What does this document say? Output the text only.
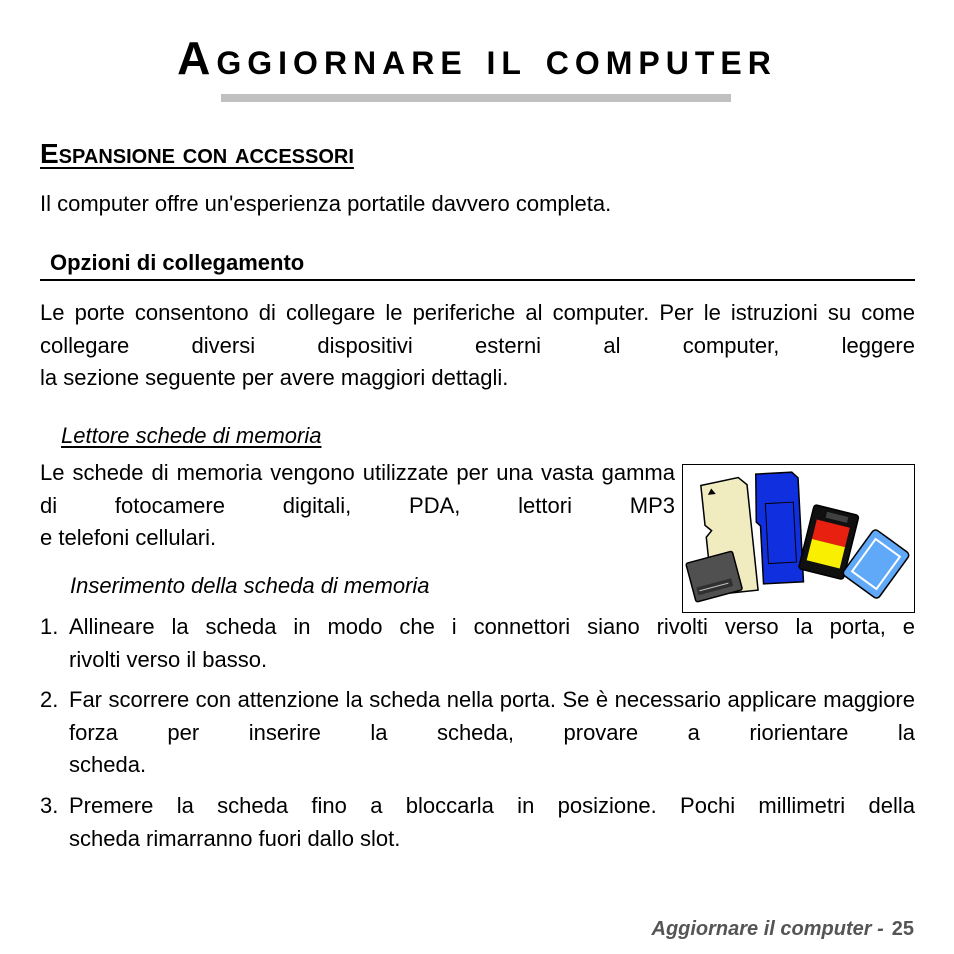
Aggiornare il computer
Espansione con accessori
Il computer offre un'esperienza portatile davvero completa.
Opzioni di collegamento
Le porte consentono di collegare le periferiche al computer. Per le istruzioni su come collegare diversi dispositivi esterni al computer, leggere
la sezione seguente per avere maggiori dettagli.
Lettore schede di memoria
Le schede di memoria vengono utilizzate per una vasta gamma di fotocamere digitali, PDA, lettori MP3
e telefoni cellulari.
Inserimento della scheda di memoria
1. Allineare la scheda in modo che i connettori siano rivolti verso la porta, e
rivolti verso il basso.
2. Far scorrere con attenzione la scheda nella porta. Se è necessario applicare maggiore forza per inserire la scheda, provare a riorientare la
scheda.
3. Premere la scheda fino a bloccarla in posizione. Pochi millimetri della
scheda rimarranno fuori dallo slot.
Aggiornare il computer - 25
